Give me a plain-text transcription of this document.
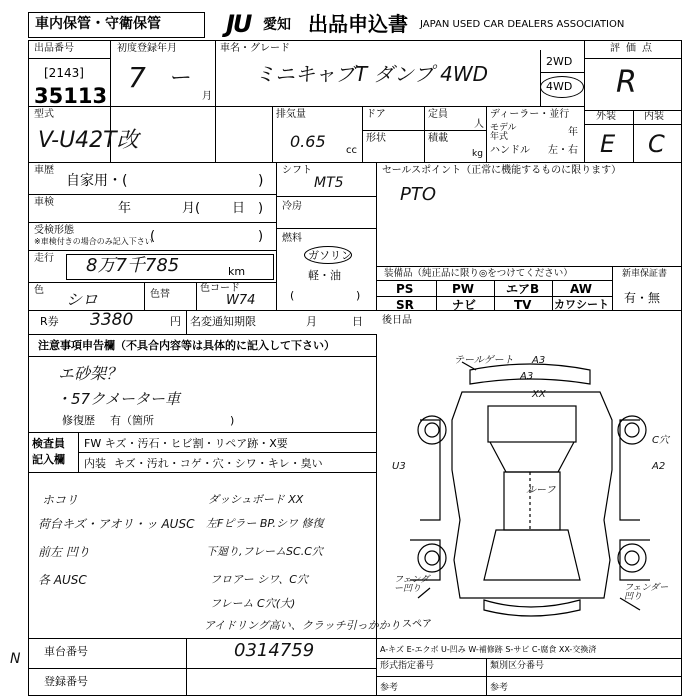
車内保管・守衛保管	JU 愛知 出品申込書 JAPAN USED CAR DEALERS ASSOCIATION
出品番号
[2143]
35113
初度登録年月
7 ー
月
車名・グレード
ミニキャブT ダンプ 4WD
2WD
4WD
型式
V-U42T改
排気量
0.65 cc
ドア
形状
定員
人
積載
kg
ディーラー・並行
モデル
年式	年
ハンドル 左・右
評価点
R
外装	内装
E C
車歴
自家用・(	)
車検	年	月( 日 )
受検形態
※車検付きの場合のみ記入下さい
(	)
走行 8万7千785	km
色 シロ	色替
色コード
W74
シフト
MT5
冷房
燃料
ガソリン
軽・油
(	)
セールスポイント（正常に機能するものに限ります）
PTO
装備品（純正品に限り◎をつけてください）
PS	PW	エアB	AW
SR	ナビ	TV カワシート
新車保証書
有・無
R券 3380	円 名変通知期限	月	日 後日品
注意事項申告欄（不具合内容等は具体的に記入して下さい）
エ砂架？
・57クメーター車
修復歴 有（箇所	)
検査員
記入欄
FW キズ・汚石・ヒビ割・リペア跡・X要
内装 キズ・汚れ・コゲ・穴・シワ・キレ・臭い
ホコリ
荷台キズ・アオリ・ッ AUSC
前左 凹り
各 AUSC
ダッシュボード XX
左Fピラー BP.シワ 修復
下廻り,フレームSC.C穴
フロアー シワ、C穴
フレーム C穴(大)
アイドリング高い、クラッチ引っかかり
テールゲート A3
XX
A3
ルーフ
A2
U3
C穴
フェンダー凹り	フェンダー凹り
スペア
A-キズ E-エクボ U-凹み W-補修跡 S-サビ C-腐食 XX-交換済
車台番号	0314759
登録番号
形式指定番号	類別区分番号
参考	参考
N
